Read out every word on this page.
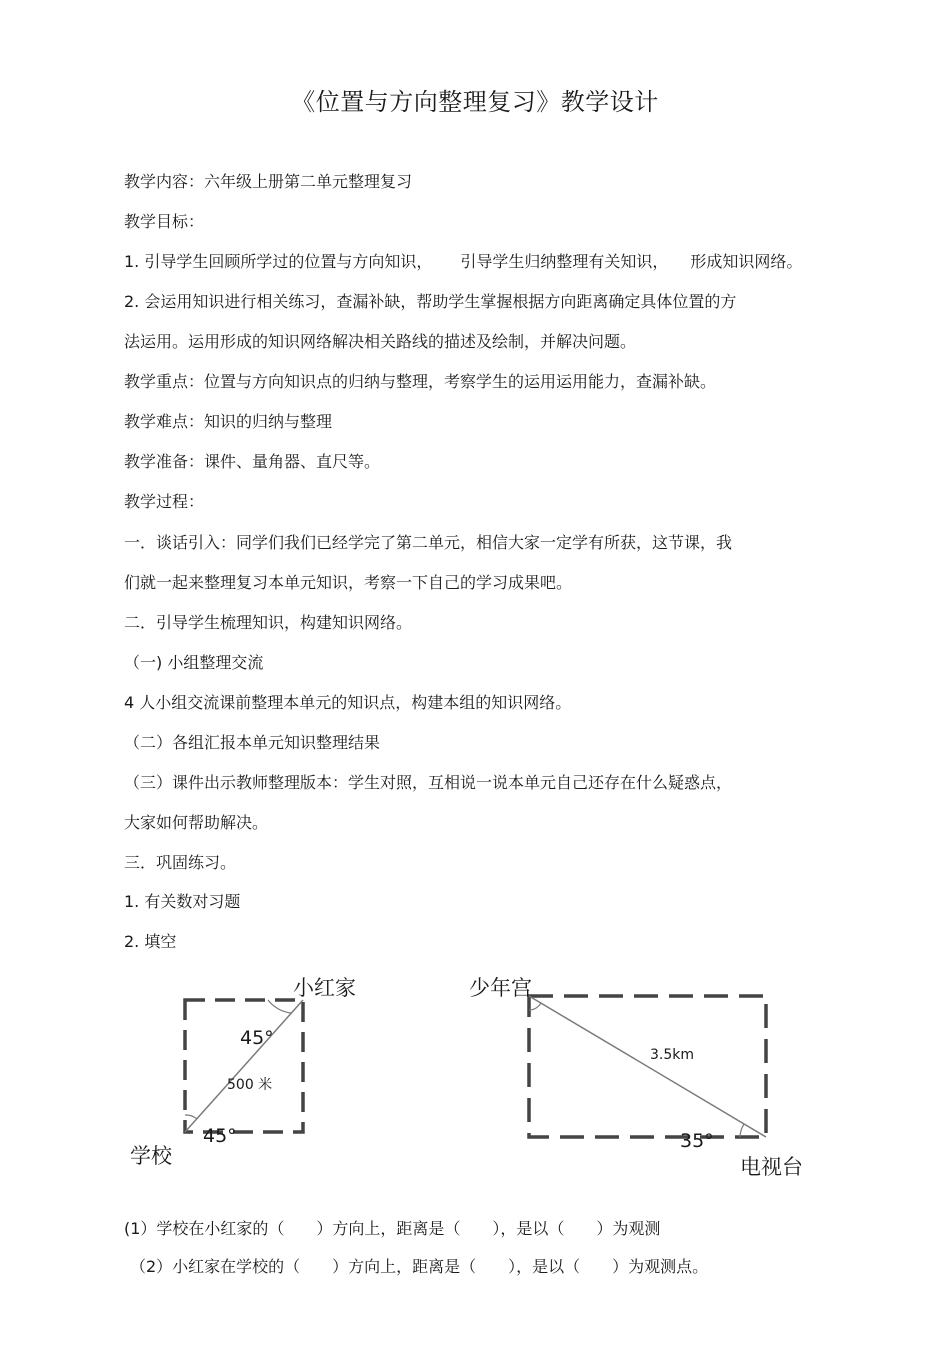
《位置与方向整理复习》教学设计
教学内容：六年级上册第二单元整理复习
教学目标：
1. 引导学生回顾所学过的位置与方向知识， 引导学生归纳整理有关知识， 形成知识网络。
2. 会运用知识进行相关练习，查漏补缺，帮助学生掌握根据方向距离确定具体位置的方
法运用。运用形成的知识网络解决相关路线的描述及绘制，并解决问题。
教学重点：位置与方向知识点的归纳与整理，考察学生的运用运用能力，查漏补缺。
教学难点：知识的归纳与整理
教学准备：课件、量角器、直尺等。
教学过程：
一．谈话引入：同学们我们已经学完了第二单元，相信大家一定学有所获，这节课，我
们就一起来整理复习本单元知识，考察一下自己的学习成果吧。
二．引导学生梳理知识，构建知识网络。
（一) 小组整理交流
4 人小组交流课前整理本单元的知识点，构建本组的知识网络。
（二）各组汇报本单元知识整理结果
（三）课件出示教师整理版本：学生对照，互相说一说本单元自己还存在什么疑惑点，
大家如何帮助解决。
三．巩固练习。
1. 有关数对习题
2. 填空
小红家
学校
45°
45°
500 米
少年宫
电视台
3.5km
35°
(1）学校在小红家的（　　）方向上，距离是（　　），是以（　　）为观测
（2）小红家在学校的（　　）方向上，距离是（　　），是以（　　）为观测点。
